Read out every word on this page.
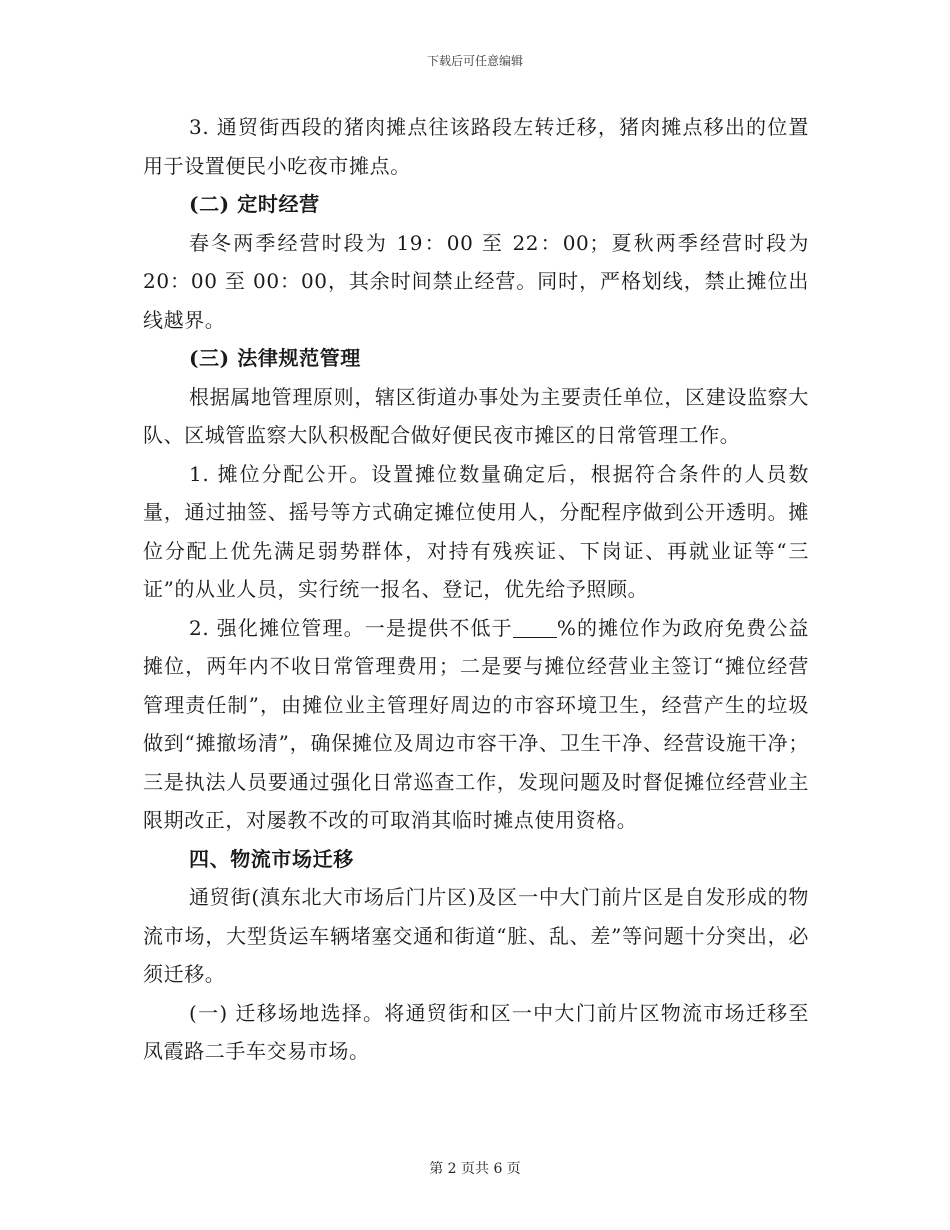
下载后可任意编辑

3. 通贸街西段的猪肉摊点往该路段左转迁移，猪肉摊点移出的位置用于设置便民小吃夜市摊点。

(二) 定时经营

春冬两季经营时段为 19：00 至 22：00；夏秋两季经营时段为 20：00 至 00：00，其余时间禁止经营。同时，严格划线，禁止摊位出线越界。

(三) 法律规范管理

根据属地管理原则，辖区街道办事处为主要责任单位，区建设监察大队、区城管监察大队积极配合做好便民夜市摊区的日常管理工作。

1. 摊位分配公开。设置摊位数量确定后，根据符合条件的人员数量，通过抽签、摇号等方式确定摊位使用人，分配程序做到公开透明。摊位分配上优先满足弱势群体，对持有残疾证、下岗证、再就业证等“三证”的从业人员，实行统一报名、登记，优先给予照顾。

2. 强化摊位管理。一是提供不低于 %的摊位作为政府免费公益摊位，两年内不收日常管理费用；二是要与摊位经营业主签订“摊位经营管理责任制”，由摊位业主管理好周边的市容环境卫生，经营产生的垃圾做到“摊撤场清”，确保摊位及周边市容干净、卫生干净、经营设施干净；三是执法人员要通过强化日常巡查工作，发现问题及时督促摊位经营业主限期改正，对屡教不改的可取消其临时摊点使用资格。

四、物流市场迁移

通贸街(滇东北大市场后门片区)及区一中大门前片区是自发形成的物流市场，大型货运车辆堵塞交通和街道“脏、乱、差”等问题十分突出，必须迁移。

(一) 迁移场地选择。将通贸街和区一中大门前片区物流市场迁移至凤霞路二手车交易市场。

第 2 页共 6 页
